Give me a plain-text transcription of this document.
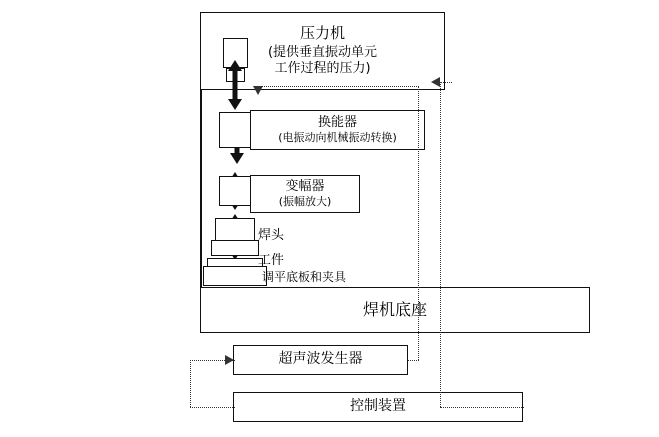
压力机
(提供垂直振动单元
工作过程的压力)
换能器
(电振动向机械振动转换)
变幅器
(振幅放大)
焊头
工件
调平底板和夹具
焊机底座
超声波发生器
控制装置
